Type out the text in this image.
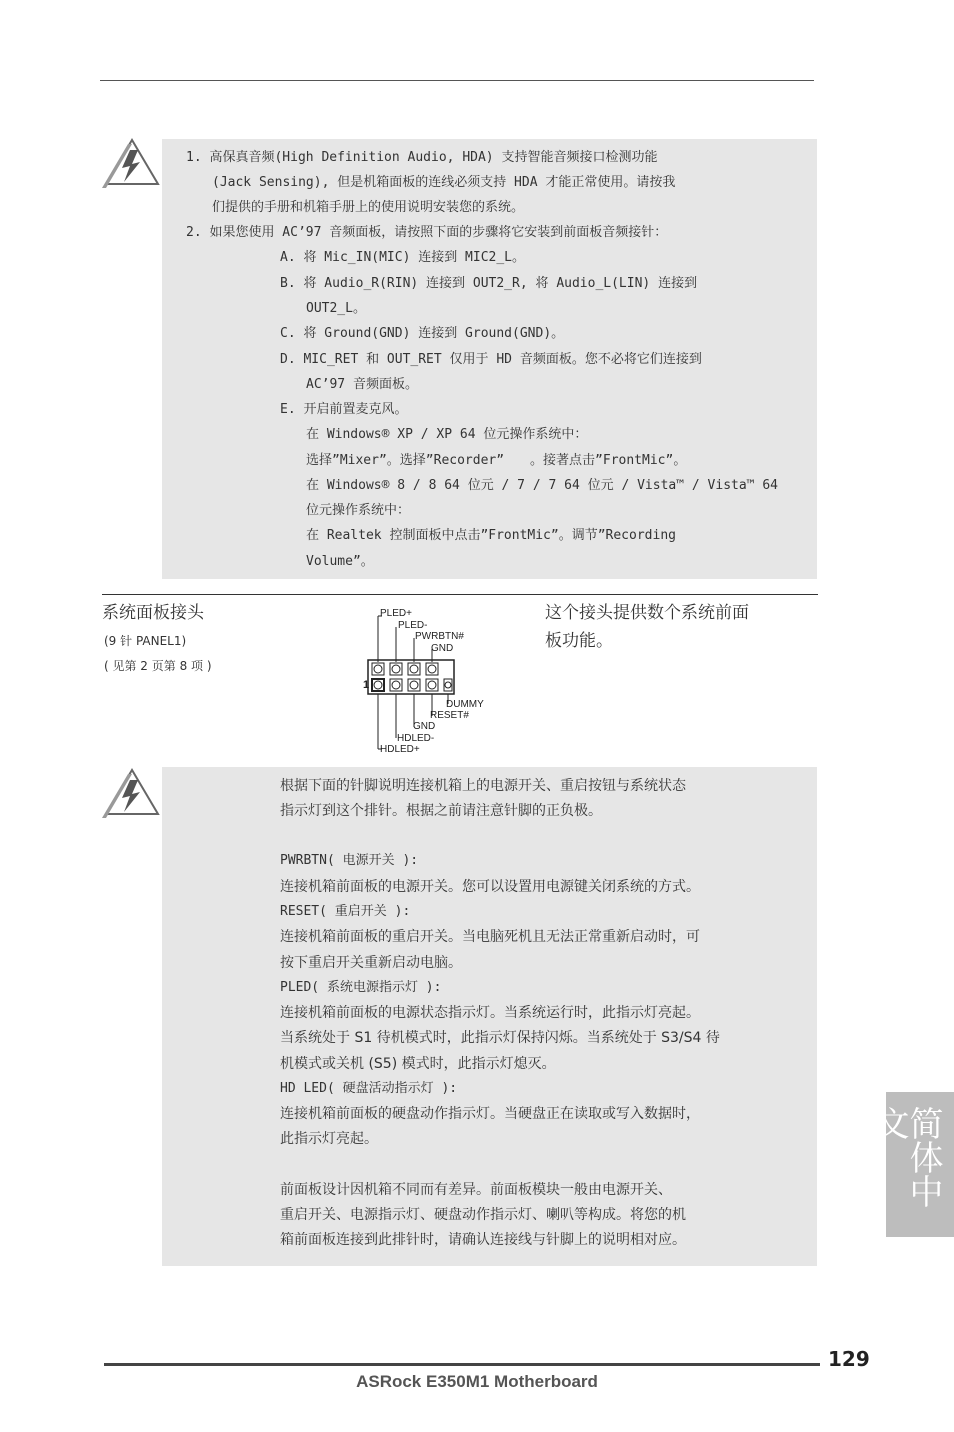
1. 高保真音频(High Definition Audio, HDA) 支持智能音频接口检测功能
(Jack Sensing), 但是机箱面板的连线必须支持 HDA 才能正常使用。请按我
们提供的手册和机箱手册上的使用说明安装您的系统。
2. 如果您使用 AC’97 音频面板，请按照下面的步骤将它安装到前面板音频接针：
A. 将 Mic_IN(MIC) 连接到 MIC2_L。
B. 将 Audio_R(RIN) 连接到 OUT2_R, 将 Audio_L(LIN) 连接到
OUT2_L。
C. 将 Ground(GND) 连接到 Ground(GND)。
D. MIC_RET 和 OUT_RET 仅用于 HD 音频面板。您不必将它们连接到
AC’97 音频面板。
E. 开启前置麦克风。
在 Windows® XP / XP 64 位元操作系统中：
选择”Mixer”。选择”Recorder”　　。接著点击”FrontMic”。
在 Windows® 8 / 8 64 位元 / 7 / 7 64 位元 / Vista™ / Vista™ 64
位元操作系统中：
在 Realtek 控制面板中点击”FrontMic”。调节”Recording
Volume”。
系统面板接头
(9 针 PANEL1)
( 见第 2 页第 8 项 )
PLED+
PLED-
PWRBTN#
GND
1
DUMMY
RESET#
GND
HDLED-
HDLED+
这个接头提供数个系统前面
板功能。
根据下面的针脚说明连接机箱上的电源开关、重启按钮与系统状态
指示灯到这个排针。根据之前请注意针脚的正负极。
PWRBTN( 电源开关 ):
连接机箱前面板的电源开关。您可以设置用电源键关闭系统的方式。
RESET( 重启开关 ):
连接机箱前面板的重启开关。当电脑死机且无法正常重新启动时，可
按下重启开关重新启动电脑。
PLED( 系统电源指示灯 ):
连接机箱前面板的电源状态指示灯。当系统运行时，此指示灯亮起。
当系统处于 S1 待机模式时，此指示灯保持闪烁。当系统处于 S3/S4 待
机模式或关机 (S5) 模式时，此指示灯熄灭。
HD LED( 硬盘活动指示灯 ):
连接机箱前面板的硬盘动作指示灯。当硬盘正在读取或写入数据时，
此指示灯亮起。
前面板设计因机箱不同而有差异。前面板模块一般由电源开关、
重启开关、电源指示灯、硬盘动作指示灯、喇叭等构成。将您的机
箱前面板连接到此排针时，请确认连接线与针脚上的说明相对应。
简体中文
129
ASRock E350M1 Motherboard
